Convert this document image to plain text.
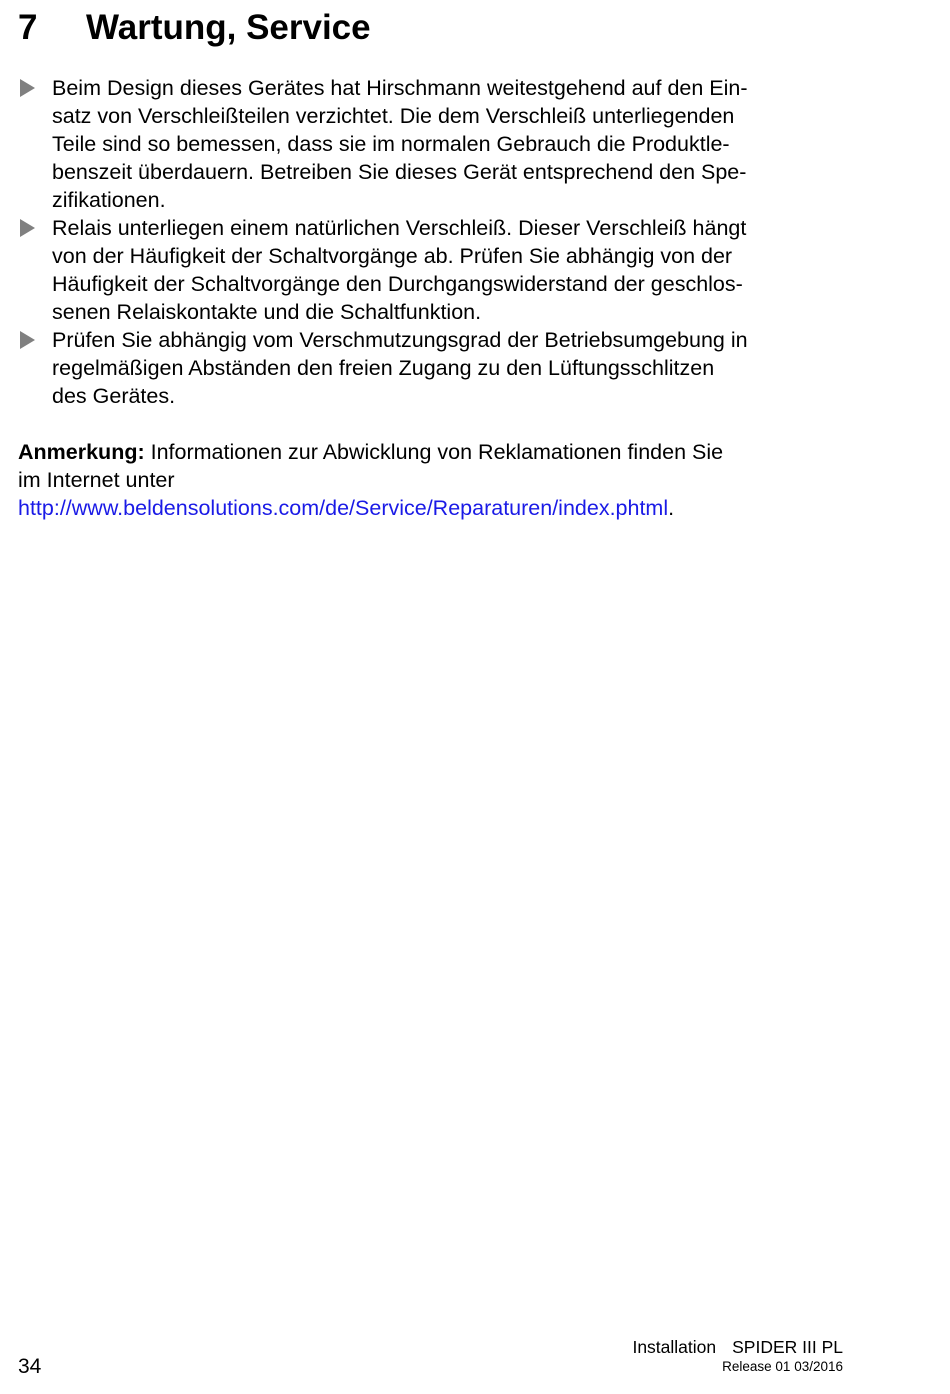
7 Wartung, Service
Beim Design dieses Gerätes hat Hirschmann weitestgehend auf den Ein-
satz von Verschleißteilen verzichtet. Die dem Verschleiß unterliegenden
Teile sind so bemessen, dass sie im normalen Gebrauch die Produktle-
benszeit überdauern. Betreiben Sie dieses Gerät entsprechend den Spe-
zifikationen.
Relais unterliegen einem natürlichen Verschleiß. Dieser Verschleiß hängt
von der Häufigkeit der Schaltvorgänge ab. Prüfen Sie abhängig von der
Häufigkeit der Schaltvorgänge den Durchgangswiderstand der geschlos-
senen Relaiskontakte und die Schaltfunktion.
Prüfen Sie abhängig vom Verschmutzungsgrad der Betriebsumgebung in
regelmäßigen Abständen den freien Zugang zu den Lüftungsschlitzen
des Gerätes.
Anmerkung: Informationen zur Abwicklung von Reklamationen finden Sie
im Internet unter
http://www.beldensolutions.com/de/Service/Reparaturen/index.phtml.
34
Installation SPIDER III PL
Release 01 03/2016
